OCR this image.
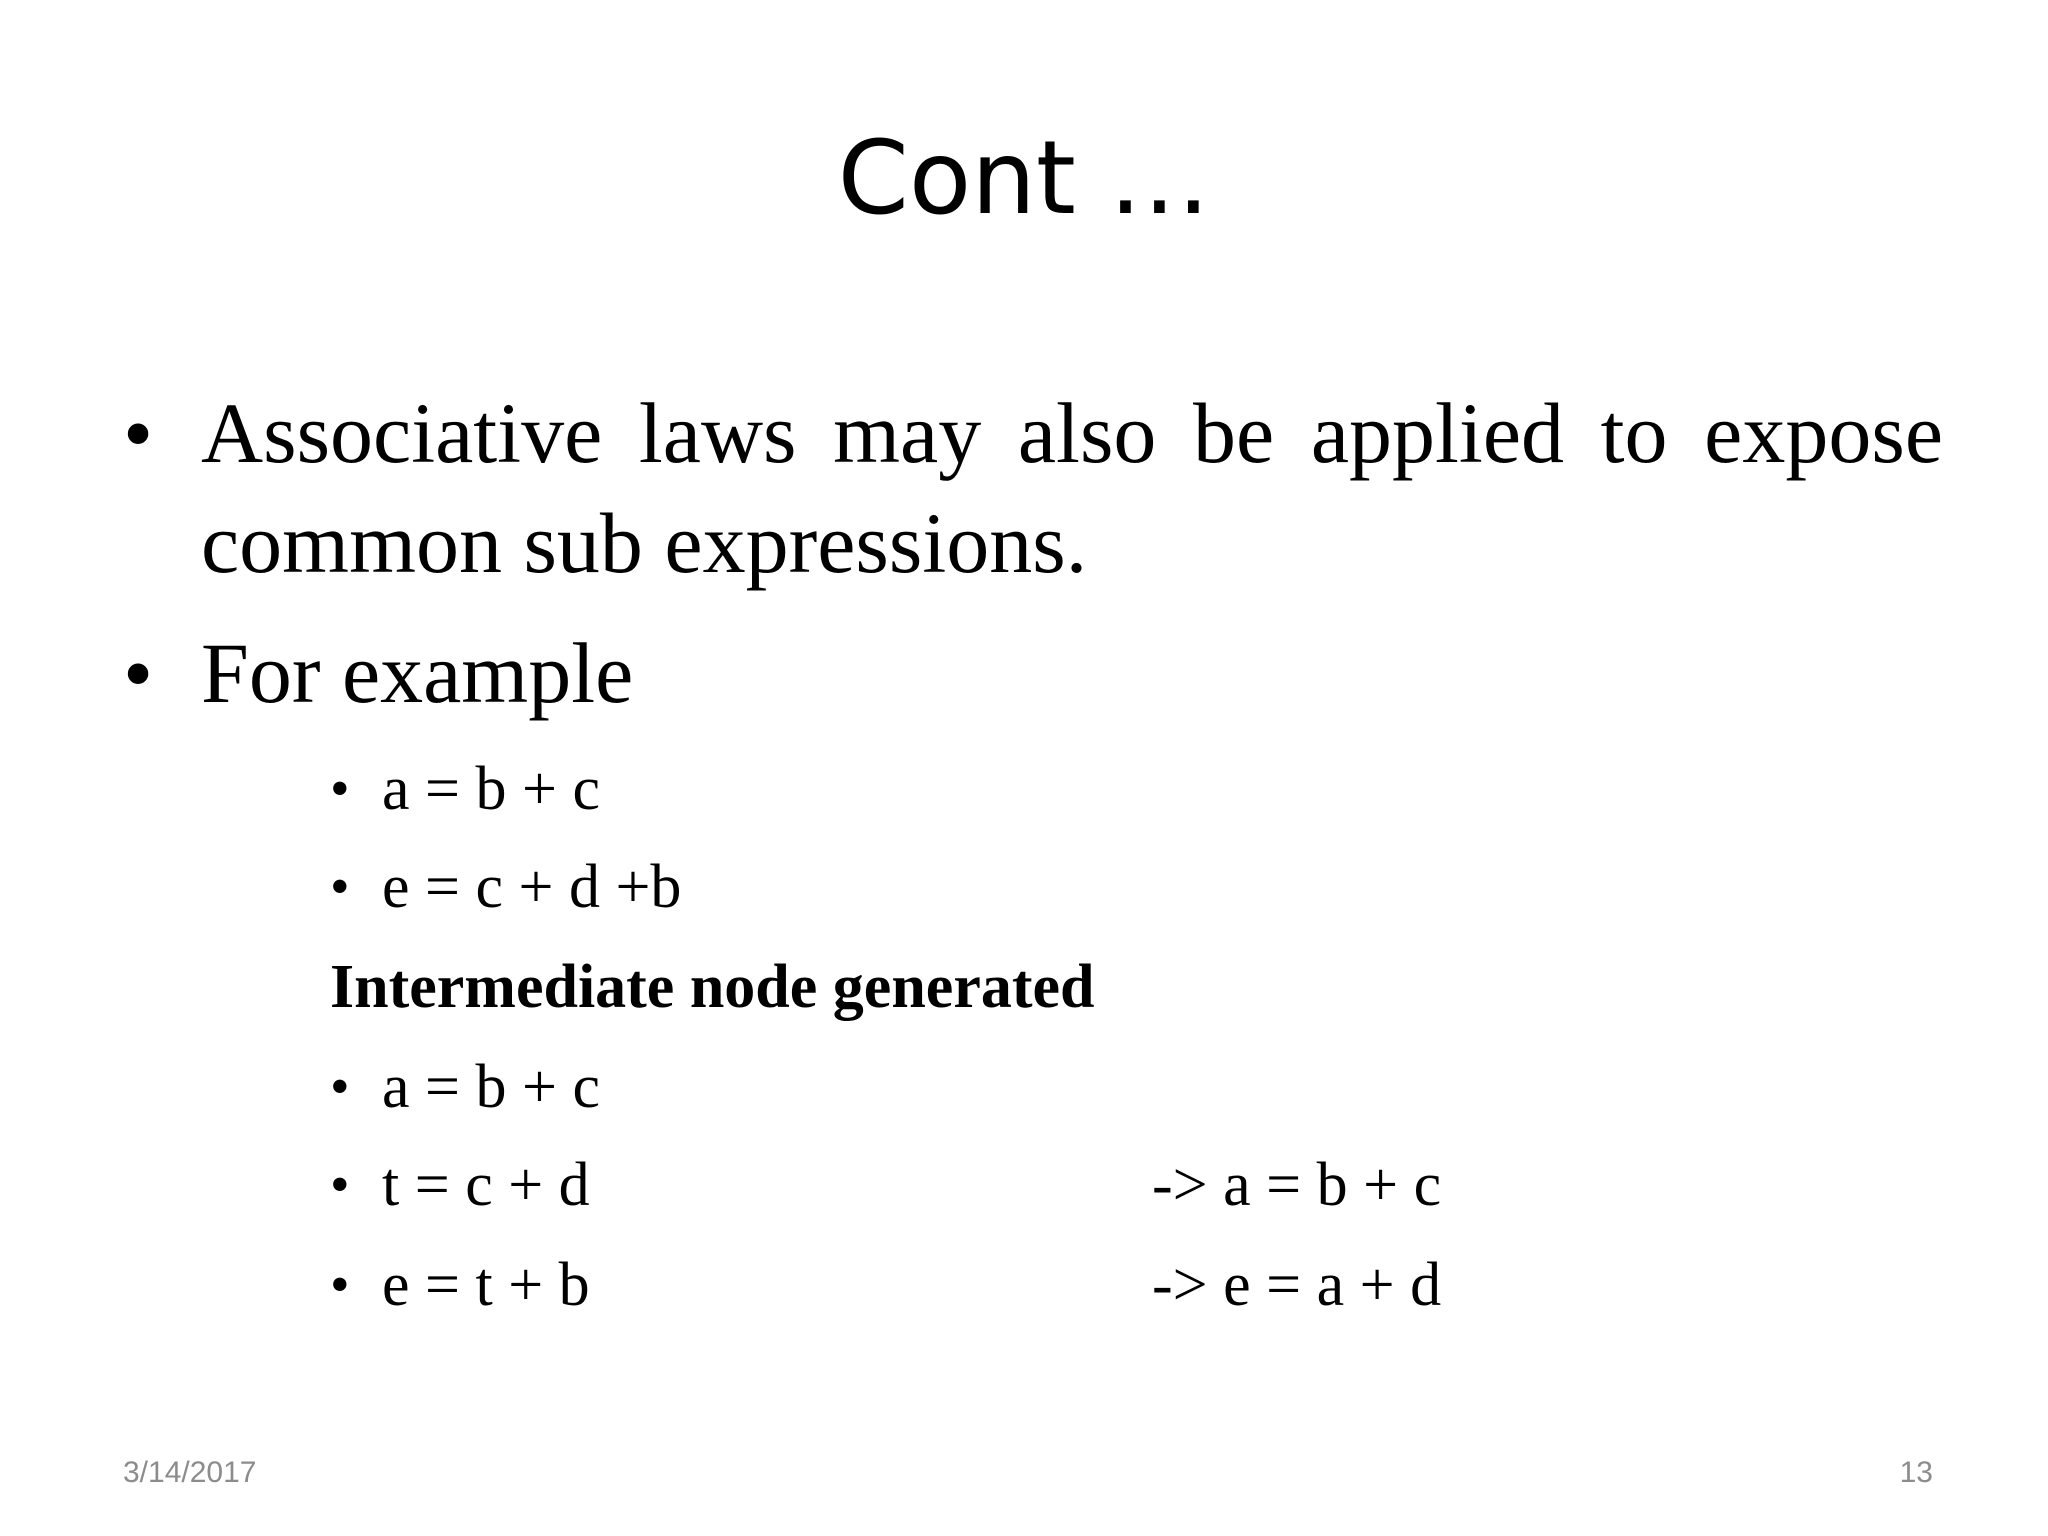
Cont …
• Associative laws may also be applied to expose common sub expressions.
• For example
• a = b + c
• e = c + d +b
Intermediate node generated
• a = b + c
• t = c + d	-> a = b + c
• e = t + b	-> e = a + d
3/14/2017	13
